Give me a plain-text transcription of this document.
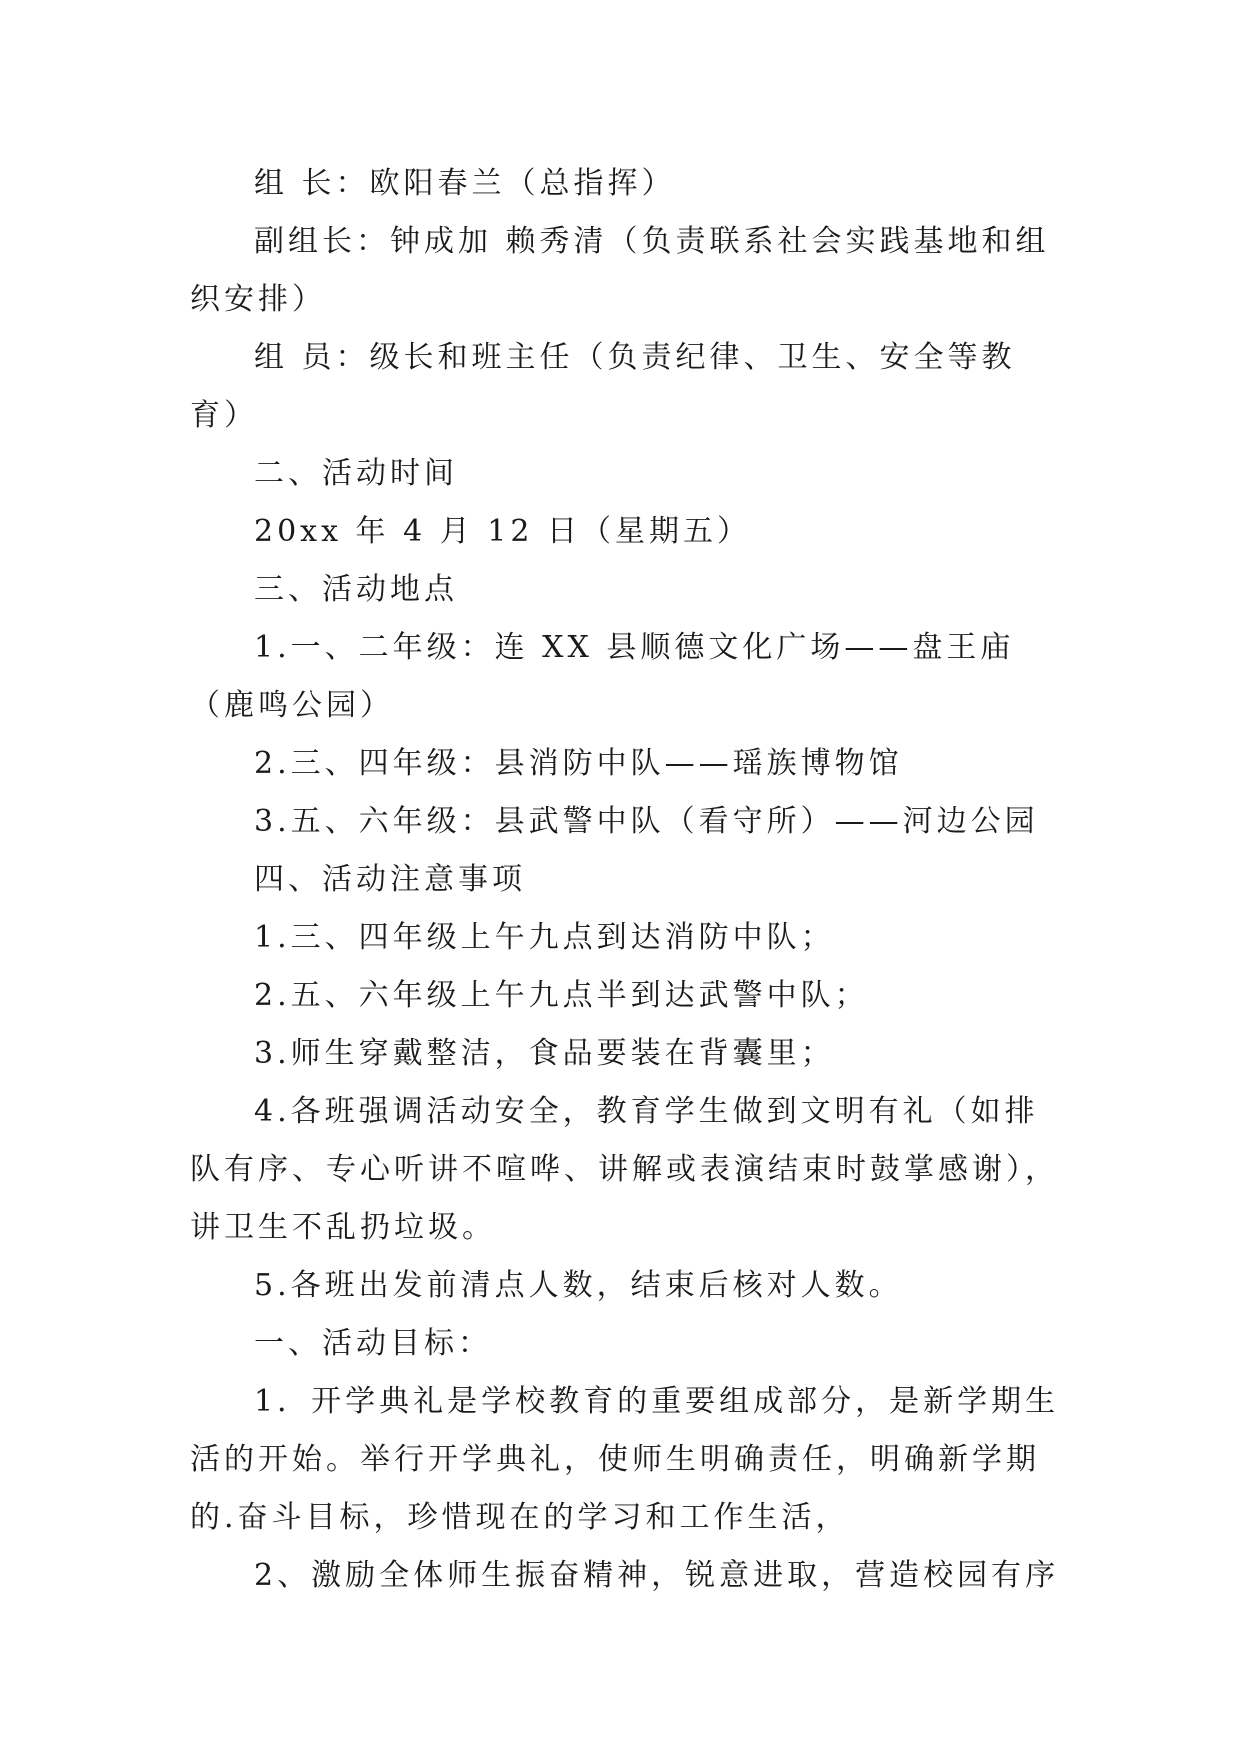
组 长：欧阳春兰（总指挥）

副组长：钟成加 赖秀清（负责联系社会实践基地和组织安排）

组 员：级长和班主任（负责纪律、卫生、安全等教育）

二、活动时间

20xx 年 4 月 12 日（星期五）

三、活动地点

1.一、二年级：连 XX 县顺德文化广场——盘王庙（鹿鸣公园）

2.三、四年级：县消防中队——瑶族博物馆

3.五、六年级：县武警中队（看守所）——河边公园

四、活动注意事项

1.三、四年级上午九点到达消防中队；

2.五、六年级上午九点半到达武警中队；

3.师生穿戴整洁，食品要装在背囊里；

4.各班强调活动安全，教育学生做到文明有礼（如排队有序、专心听讲不喧哗、讲解或表演结束时鼓掌感谢），讲卫生不乱扔垃圾。

5.各班出发前清点人数，结束后核对人数。

一、活动目标：

1．开学典礼是学校教育的重要组成部分，是新学期生活的开始。举行开学典礼，使师生明确责任，明确新学期的.奋斗目标，珍惜现在的学习和工作生活，

2、激励全体师生振奋精神，锐意进取，营造校园有序
